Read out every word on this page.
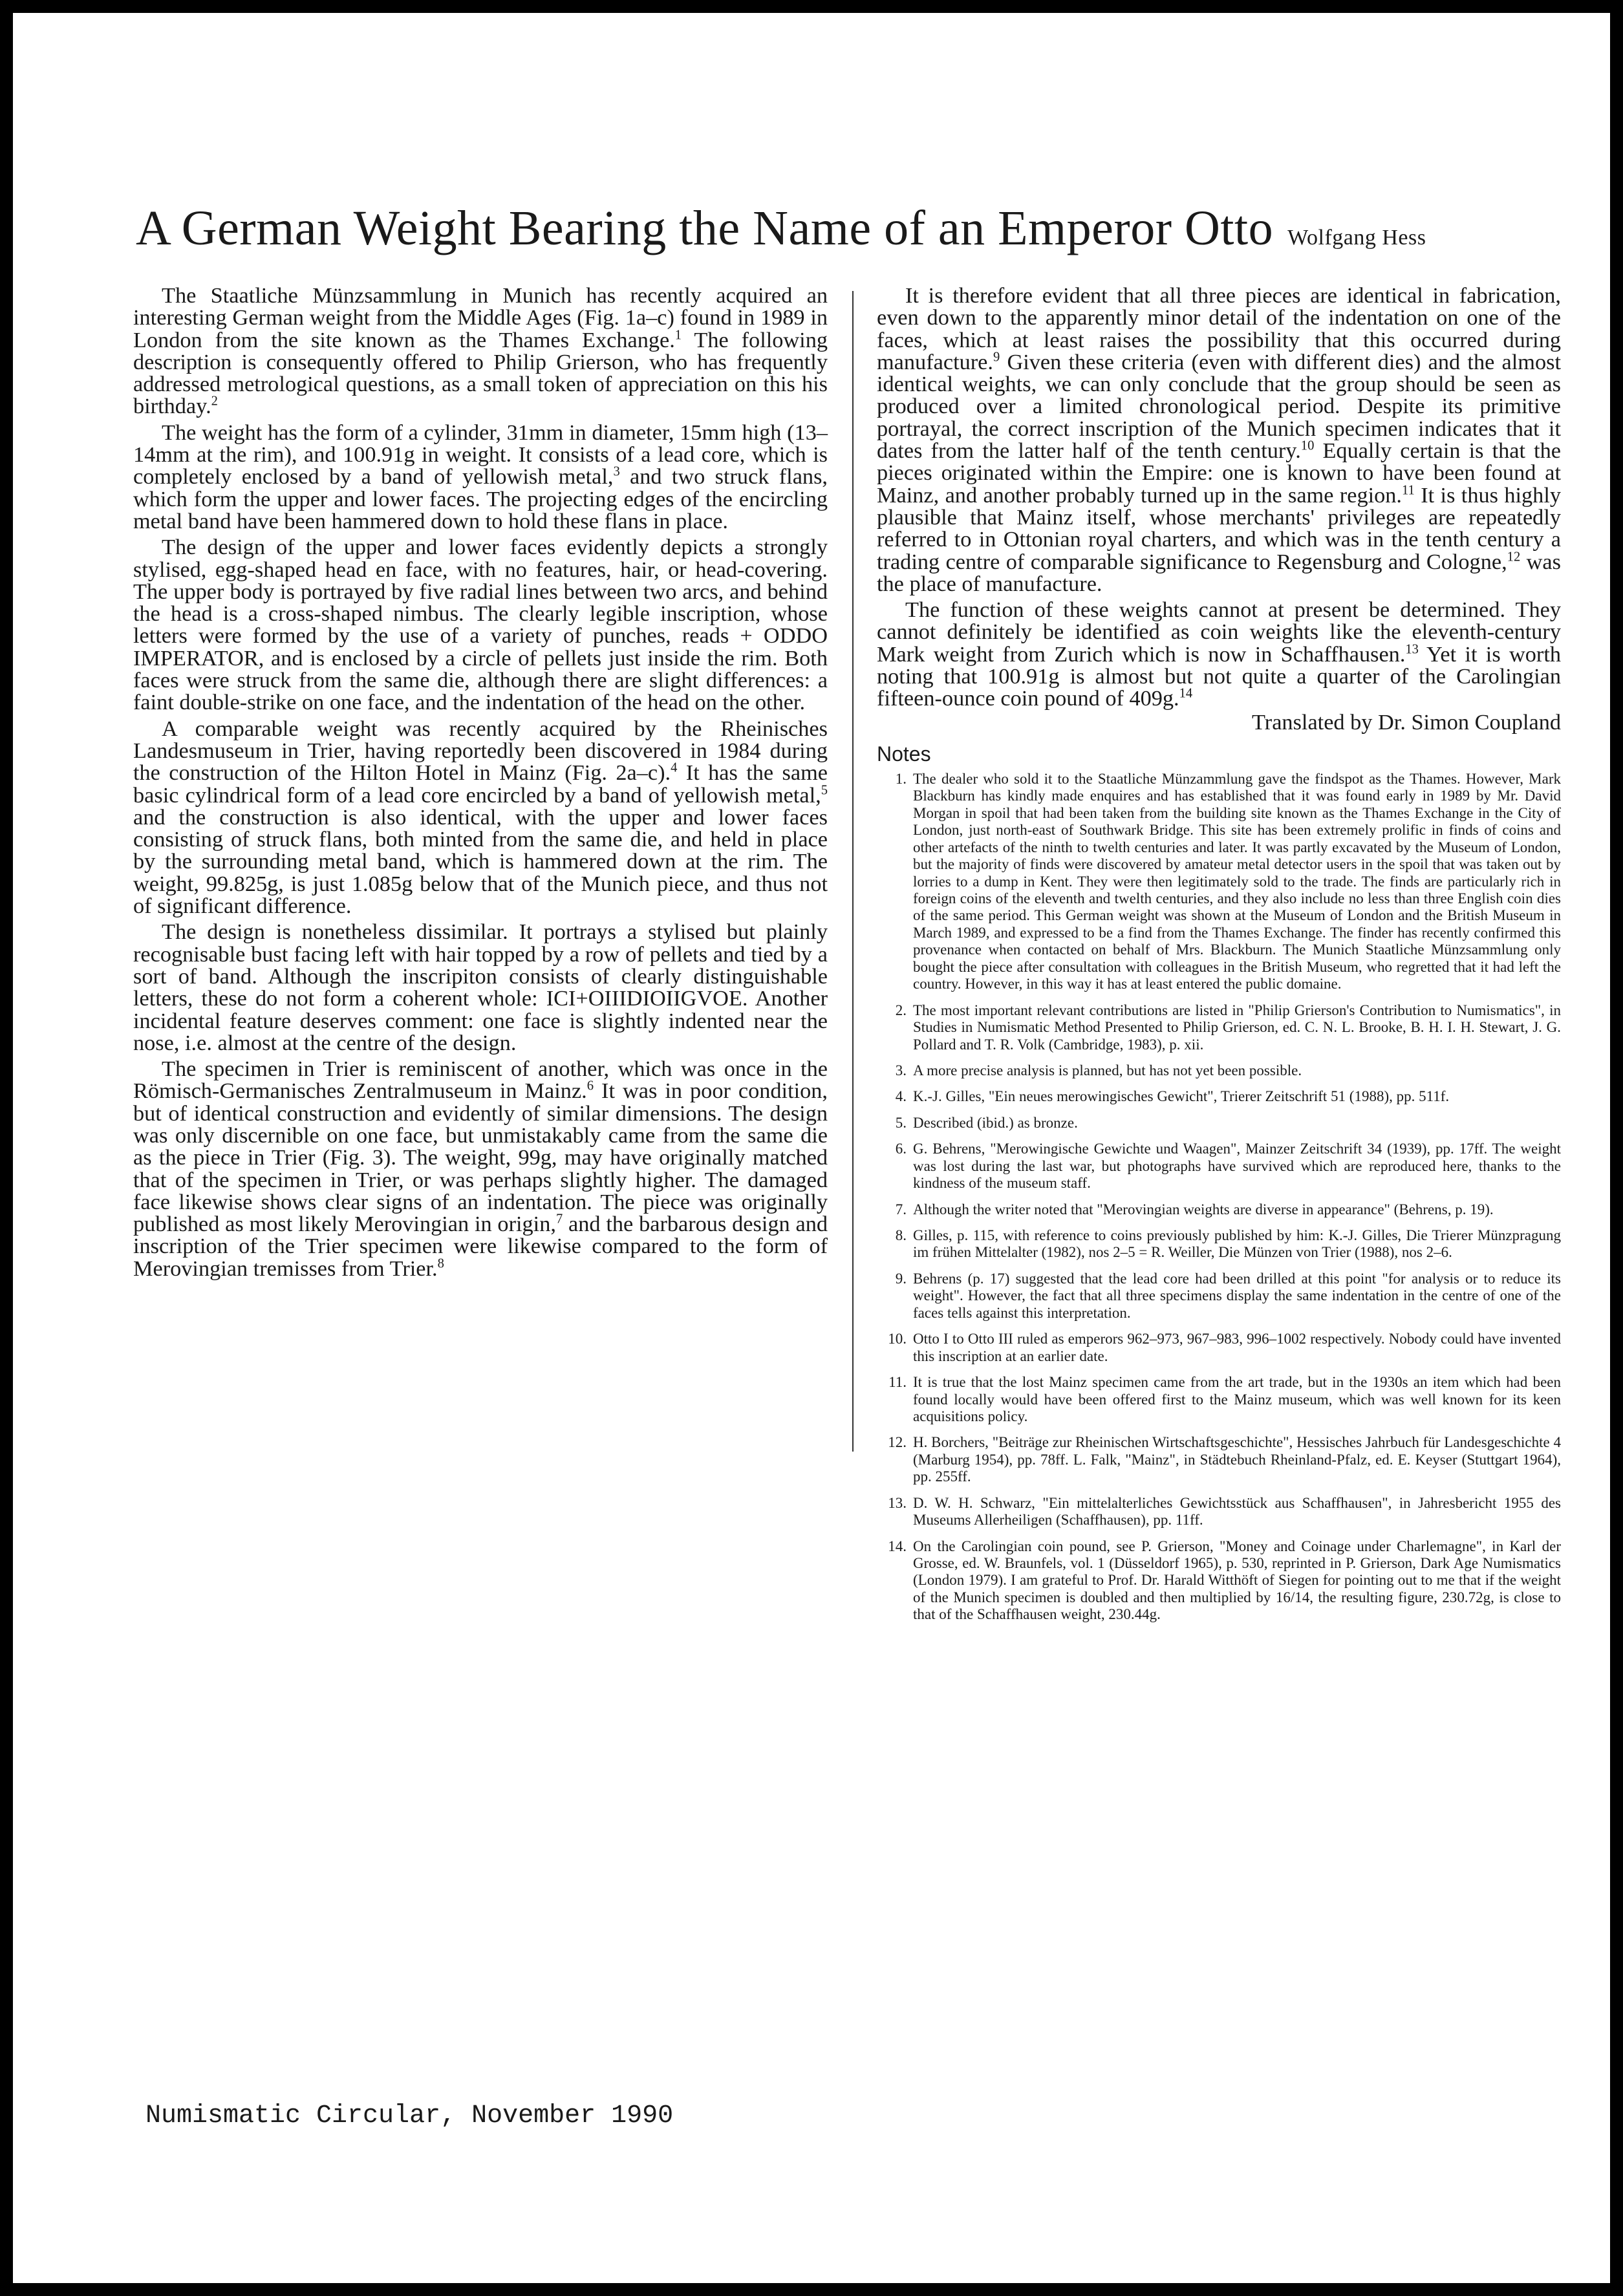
A German Weight Bearing the Name of an Emperor Otto Wolfgang Hess

The Staatliche Münzsammlung in Munich has recently acquired an interesting German weight from the Middle Ages (Fig. 1a–c) found in 1989 in London from the site known as the Thames Exchange.$^1$ The following description is consequently offered to Philip Grierson, who has frequently addressed metrological questions, as a small token of appreciation on this his birthday.$^2$

The weight has the form of a cylinder, 31mm in diameter, 15mm high (13–14mm at the rim), and 100.91g in weight. It consists of a lead core, which is completely enclosed by a band of yellowish metal,$^3$ and two struck flans, which form the upper and lower faces. The projecting edges of the encircling metal band have been hammered down to hold these flans in place.

The design of the upper and lower faces evidently depicts a strongly stylised, egg-shaped head en face, with no features, hair, or head-covering. The upper body is portrayed by five radial lines between two arcs, and behind the head is a cross-shaped nimbus. The clearly legible inscription, whose letters were formed by the use of a variety of punches, reads + ODDO IMPERATOR, and is enclosed by a circle of pellets just inside the rim. Both faces were struck from the same die, although there are slight differences: a faint double-strike on one face, and the indentation of the head on the other.

A comparable weight was recently acquired by the Rheinisches Landesmuseum in Trier, having reportedly been discovered in 1984 during the construction of the Hilton Hotel in Mainz (Fig. 2a–c).$^4$ It has the same basic cylindrical form of a lead core encircled by a band of yellowish metal,$^5$ and the construction is also identical, with the upper and lower faces consisting of struck flans, both minted from the same die, and held in place by the surrounding metal band, which is hammered down at the rim. The weight, 99.825g, is just 1.085g below that of the Munich piece, and thus not of significant difference.

The design is nonetheless dissimilar. It portrays a stylised but plainly recognisable bust facing left with hair topped by a row of pellets and tied by a sort of band. Although the inscripiton consists of clearly distinguishable letters, these do not form a coherent whole: ICI+OIIIDIOIIGVOE. Another incidental feature deserves comment: one face is slightly indented near the nose, i.e. almost at the centre of the design.

The specimen in Trier is reminiscent of another, which was once in the Römisch-Germanisches Zentralmuseum in Mainz.$^6$ It was in poor condition, but of identical construction and evidently of similar dimensions. The design was only discernible on one face, but unmistakably came from the same die as the piece in Trier (Fig. 3). The weight, 99g, may have originally matched that of the specimen in Trier, or was perhaps slightly higher. The damaged face likewise shows clear signs of an indentation. The piece was originally published as most likely Merovingian in origin,$^7$ and the barbarous design and inscription of the Trier specimen were likewise compared to the form of Merovingian tremisses from Trier.$^8$

It is therefore evident that all three pieces are identical in fabrication, even down to the apparently minor detail of the indentation on one of the faces, which at least raises the possibility that this occurred during manufacture.$^9$ Given these criteria (even with different dies) and the almost identical weights, we can only conclude that the group should be seen as produced over a limited chronological period. Despite its primitive portrayal, the correct inscription of the Munich specimen indicates that it dates from the latter half of the tenth century.$^{10}$ Equally certain is that the pieces originated within the Empire: one is known to have been found at Mainz, and another probably turned up in the same region.$^{11}$ It is thus highly plausible that Mainz itself, whose merchants' privileges are repeatedly referred to in Ottonian royal charters, and which was in the tenth century a trading centre of comparable significance to Regensburg and Cologne,$^{12}$ was the place of manufacture.

The function of these weights cannot at present be determined. They cannot definitely be identified as coin weights like the eleventh-century Mark weight from Zurich which is now in Schaffhausen.$^{13}$ Yet it is worth noting that 100.91g is almost but not quite a quarter of the Carolingian fifteen-ounce coin pound of 409g.$^{14}$

Translated by Dr. Simon Coupland
Notes
1. The dealer who sold it to the Staatliche Münzammlung gave the findspot as the Thames. However, Mark Blackburn has kindly made enquires and has established that it was found early in 1989 by Mr. David Morgan in spoil that had been taken from the building site known as the Thames Exchange in the City of London, just north-east of Southwark Bridge. This site has been extremely prolific in finds of coins and other artefacts of the ninth to twelth centuries and later. It was partly excavated by the Museum of London, but the majority of finds were discovered by amateur metal detector users in the spoil that was taken out by lorries to a dump in Kent. They were then legitimately sold to the trade. The finds are particularly rich in foreign coins of the eleventh and twelth centuries, and they also include no less than three English coin dies of the same period. This German weight was shown at the Museum of London and the British Museum in March 1989, and expressed to be a find from the Thames Exchange. The finder has recently confirmed this provenance when contacted on behalf of Mrs. Blackburn. The Munich Staatliche Münzsammlung only bought the piece after consultation with colleagues in the British Museum, who regretted that it had left the country. However, in this way it has at least entered the public domaine.
2. The most important relevant contributions are listed in "Philip Grierson's Contribution to Numismatics", in Studies in Numismatic Method Presented to Philip Grierson, ed. C. N. L. Brooke, B. H. I. H. Stewart, J. G. Pollard and T. R. Volk (Cambridge, 1983), p. xii.
3. A more precise analysis is planned, but has not yet been possible.
4. K.-J. Gilles, "Ein neues merowingisches Gewicht", Trierer Zeitschrift 51 (1988), pp. 511f.
5. Described (ibid.) as bronze.
6. G. Behrens, "Merowingische Gewichte und Waagen", Mainzer Zeitschrift 34 (1939), pp. 17ff. The weight was lost during the last war, but photographs have survived which are reproduced here, thanks to the kindness of the museum staff.
7. Although the writer noted that "Merovingian weights are diverse in appearance" (Behrens, p. 19).
8. Gilles, p. 115, with reference to coins previously published by him: K.-J. Gilles, Die Trierer Münzpragung im frühen Mittelalter (1982), nos 2–5 = R. Weiller, Die Münzen von Trier (1988), nos 2–6.
9. Behrens (p. 17) suggested that the lead core had been drilled at this point "for analysis or to reduce its weight". However, the fact that all three specimens display the same indentation in the centre of one of the faces tells against this interpretation.
10. Otto I to Otto III ruled as emperors 962–973, 967–983, 996–1002 respectively. Nobody could have invented this inscription at an earlier date.
11. It is true that the lost Mainz specimen came from the art trade, but in the 1930s an item which had been found locally would have been offered first to the Mainz museum, which was well known for its keen acquisitions policy.
12. H. Borchers, "Beiträge zur Rheinischen Wirtschaftsgeschichte", Hessisches Jahrbuch für Landesgeschichte 4 (Marburg 1954), pp. 78ff. L. Falk, "Mainz", in Städtebuch Rheinland-Pfalz, ed. E. Keyser (Stuttgart 1964), pp. 255ff.
13. D. W. H. Schwarz, "Ein mittelalterliches Gewichtsstück aus Schaffhausen", in Jahresbericht 1955 des Museums Allerheiligen (Schaffhausen), pp. 11ff.
14. On the Carolingian coin pound, see P. Grierson, "Money and Coinage under Charlemagne", in Karl der Grosse, ed. W. Braunfels, vol. 1 (Düsseldorf 1965), p. 530, reprinted in P. Grierson, Dark Age Numismatics (London 1979). I am grateful to Prof. Dr. Harald Witthöft of Siegen for pointing out to me that if the weight of the Munich specimen is doubled and then multiplied by 16/14, the resulting figure, 230.72g, is close to that of the Schaffhausen weight, 230.44g.
Numismatic Circular, November 1990
